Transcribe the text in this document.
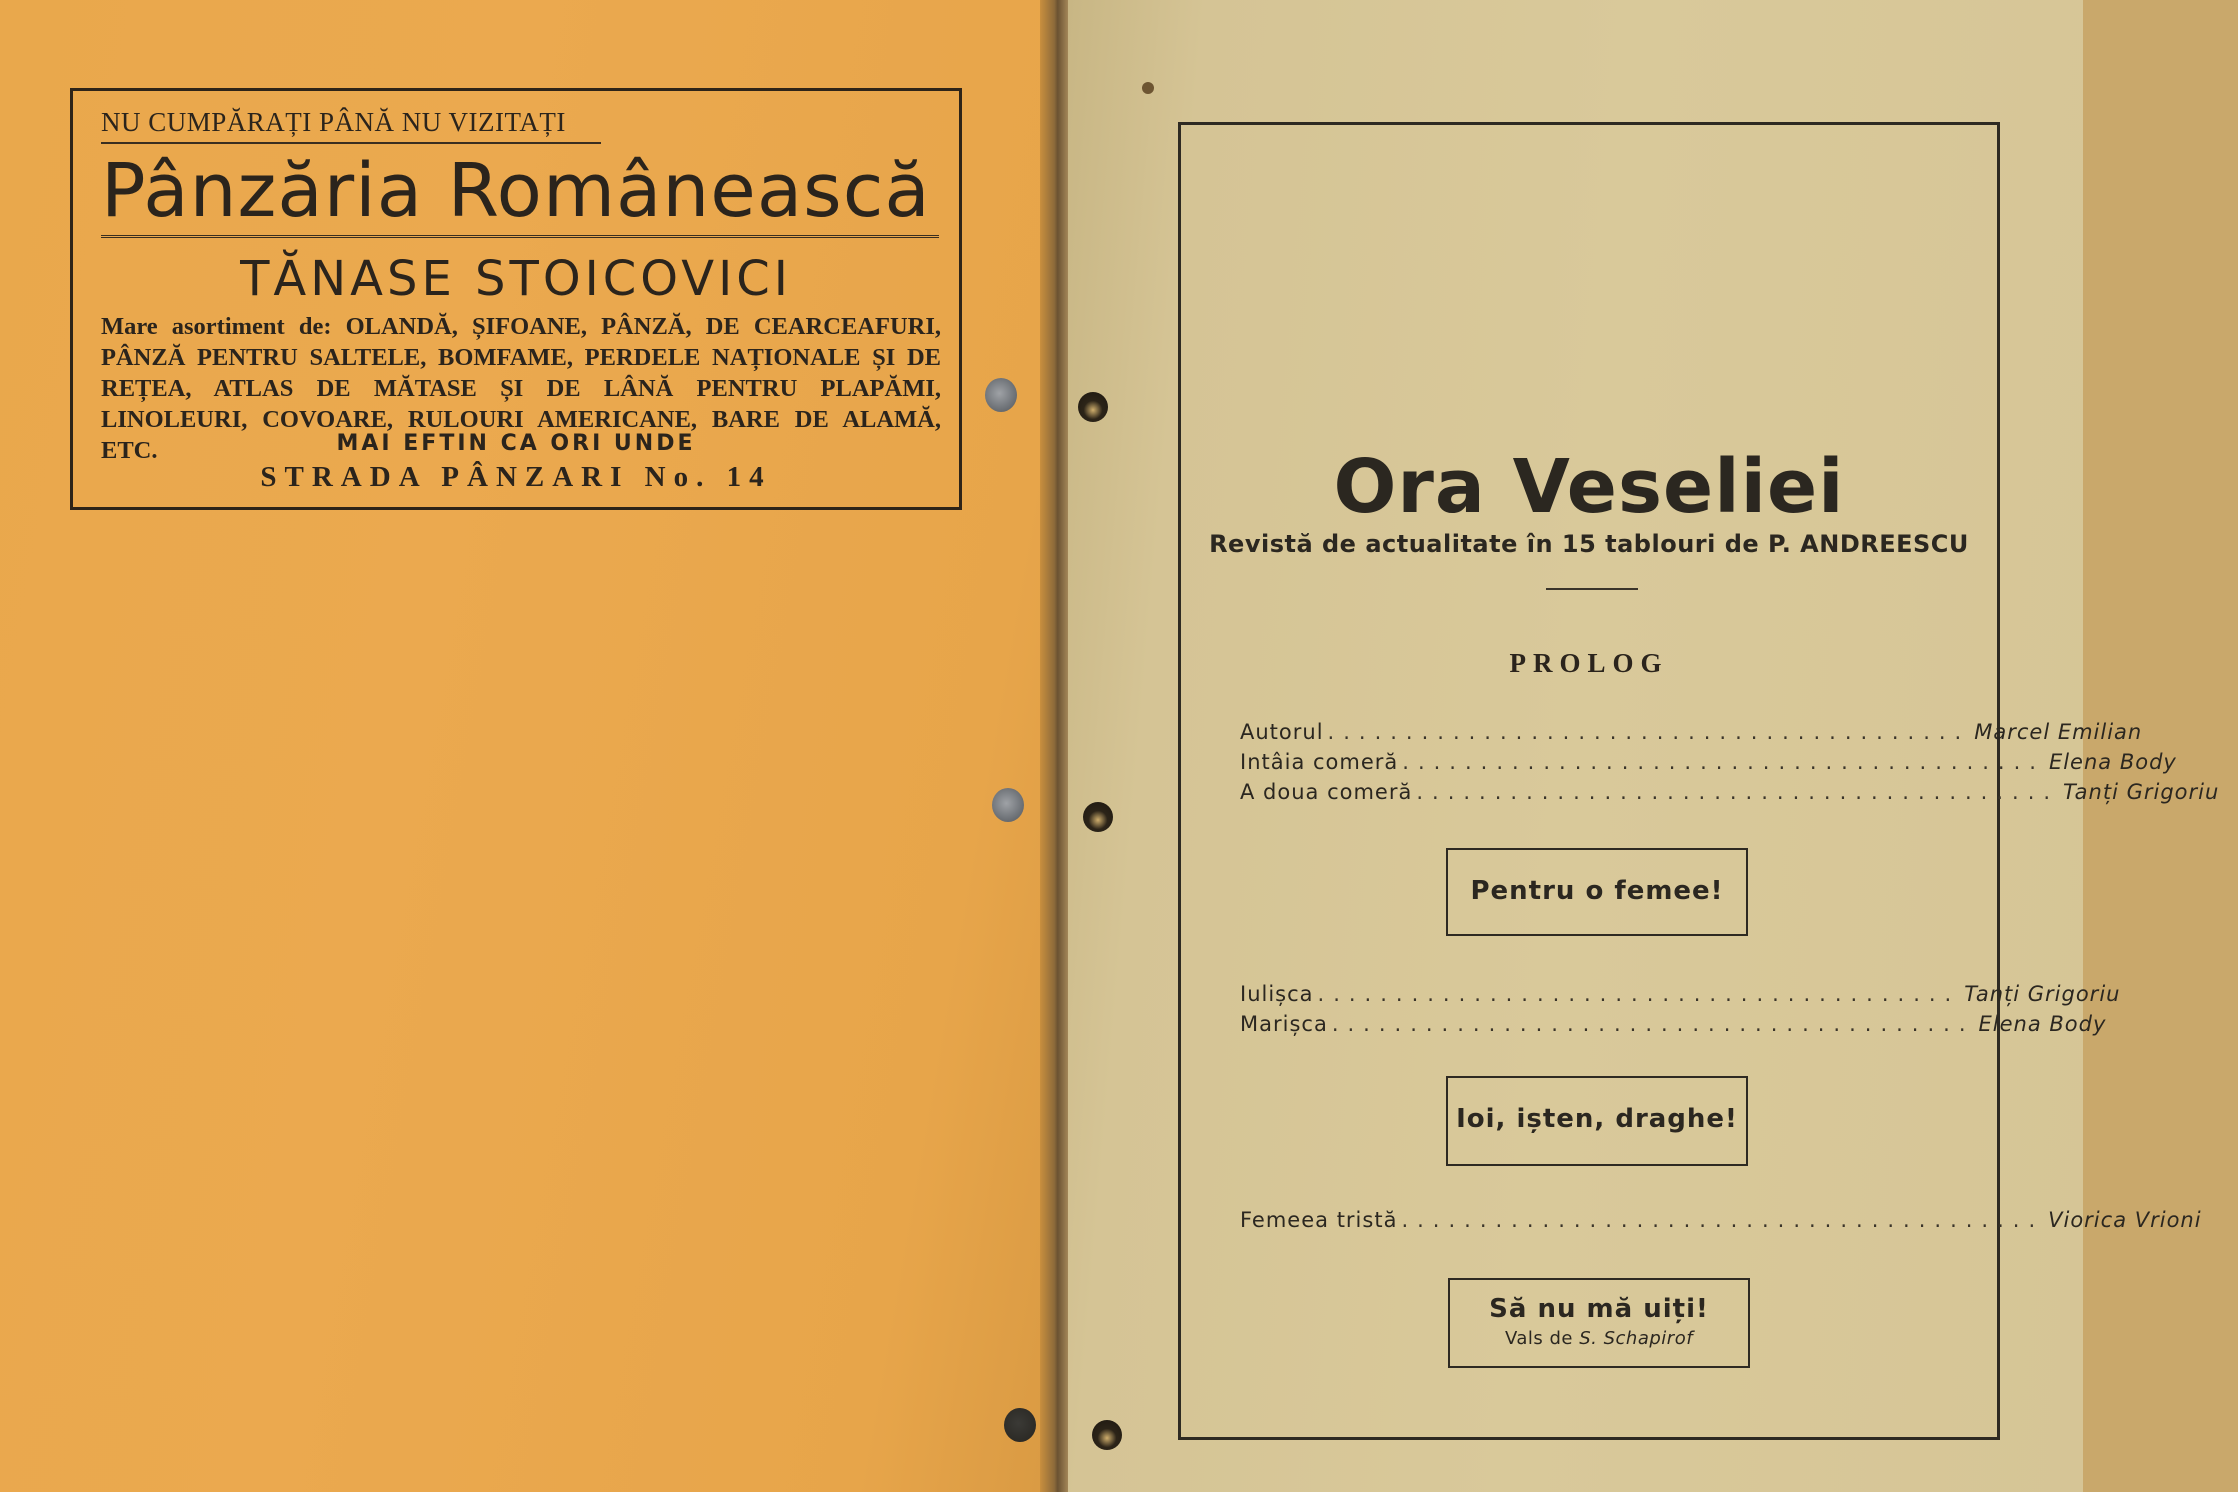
NU CUMPĂRAȚI PÂNĂ NU VIZITAȚI
Pânzăria Românească
TĂNASE STOICOVICI
Mare asortiment de: OLANDĂ, ȘIFOANE, PÂNZĂ, DE CEARCEAFURI, PÂNZĂ PENTRU SALTELE, BOMFAME, PERDELE NAȚIONALE ȘI DE REȚEA, ATLAS DE MĂTASE ȘI DE LÂNĂ PENTRU PLAPĂMI, LINOLEURI, COVOARE, RULOURI AMERICANE, BARE DE ALAMĂ, ETC.	MAI EFTIN CA ORI UNDE
STRADA PÂNZARI No. 14	Ora Veseliei
Revistă de actualitate în 15 tablouri de P. ANDREESCU
PROLOG
Autorul ......................................... Marcel Emilian
Intâia comeră ......................................... Elena Body
A doua comeră ......................................... Tanți Grigoriu
Pentru o femee!
Iulișca ......................................... Tanți Grigoriu
Marișca ......................................... Elena Body
Ioi, ișten, draghe!
Femeea tristă ......................................... Viorica Vrioni
Să nu mă uiți!
Vals de S. Schapirof
